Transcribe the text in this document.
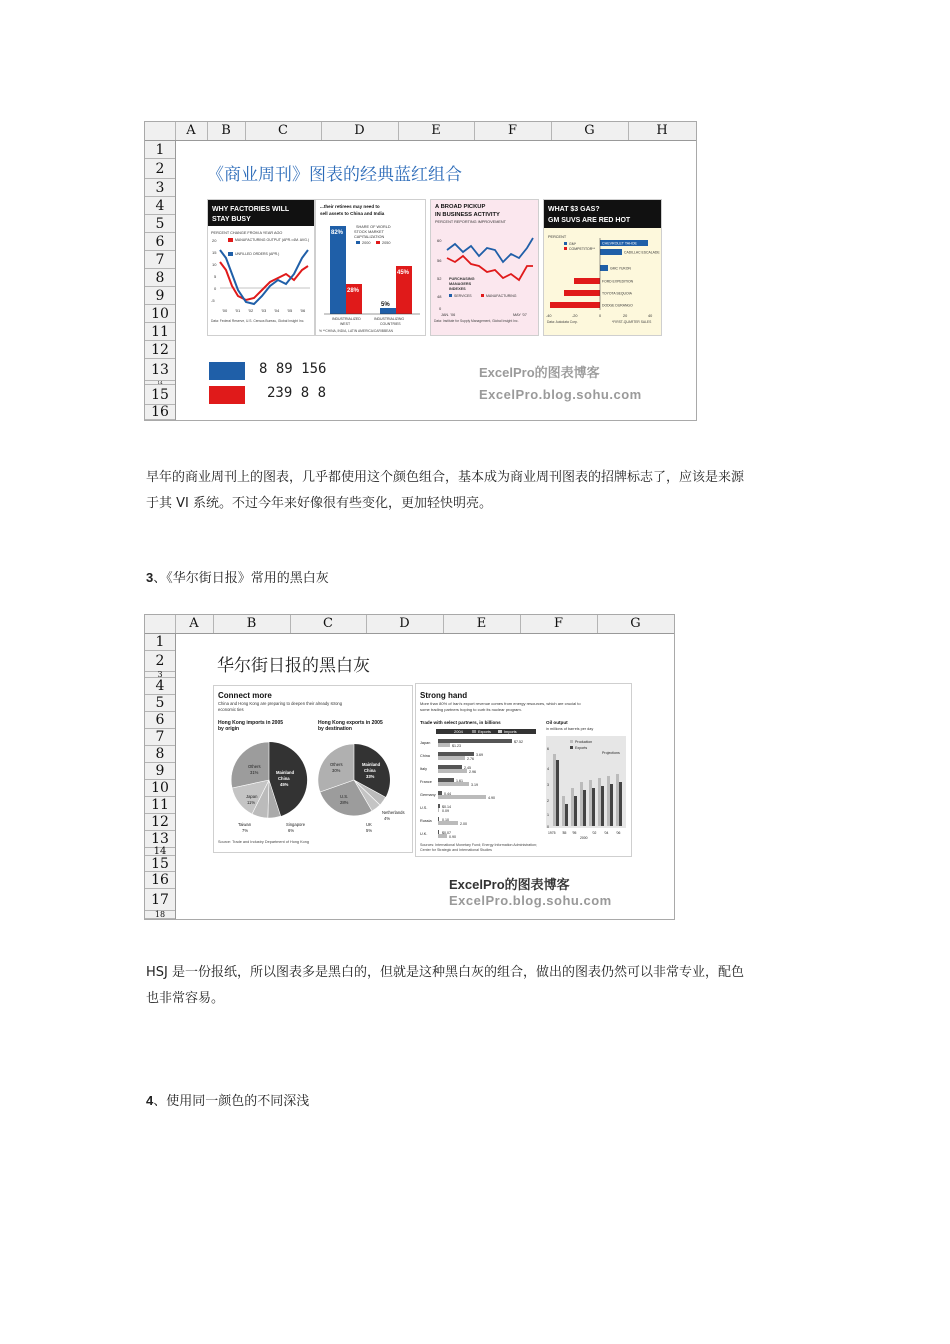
A	B	C	D	E	F	G	H
1
2
3
4
5
6
7
8
9
10
11
12
13
14
15
16
《商业周刊》图表的经典蓝红组合
WHY FACTORIES WILL
STAY BUSY
PERCENT CHANGE FROM A YEAR AGO
MANUFACTURING OUTPUT (APR.=4M. AVG.)
UNFILLED ORDERS (APR.)
20
15
10
5
0
-5
'00 '01 '02 '03 '04 '05 '06
Data: Federal Reserve, U.S. Census Bureau, Global Insight Inc.
...their retirees may need to
sell assets to China and India
SHARE OF WORLD
STOCK MARKET
CAPITALIZATION
2000	2050
82%
28%
5%
45%
INDUSTRIALIZED
WEST
INDUSTRIALIZING
COUNTRIES
% **CHINA, INDIA, LATIN AMERICA/CARIBBEAN
A BROAD PICKUP
IN BUSINESS ACTIVITY
PERCENT REPORTING IMPROVEMENT
60
56
52
48
0
PURCHASING
MANAGERS
INDEXES
SERVICES	MANUFACTURING
JAN. '06	MAY '07
Data: Institute for Supply Management, Global Insight Inc.
WHAT $3 GAS?
GM SUVS ARE RED HOT
PERCENT
GM*
COMPETITOR**
CHEVROLET TAHOE
CADILLAC ESCALADE
GMC YUKON
FORD EXPEDITION
TOYOTA SEQUOIA
DODGE DURANGO
-40	-20	0	20	40
Data: Autodata Corp.	*FIRST-QUARTER SALES
8 89 156
239 8 8
ExcelPro的图表博客
ExcelPro.blog.sohu.com
早年的商业周刊上的图表，几乎都使用这个颜色组合，基本成为商业周刊图表的招牌标志了，应该是来源
于其 VI 系统。不过今年来好像很有些变化，更加轻快明亮。
3、《华尔街日报》常用的黑白灰
A	B	C	D	E	F	G
1
2
3
4
5
6
7
8
9
10
11
12
13
14
15
16
17
18
华尔街日报的黑白灰
Connect more
China and Hong Kong are preparing to deepen their already strong
economic ties
Hong Kong imports in 2005
by origin
Hong Kong exports in 2005
by destination
Mainland
China
45%
Others
31%
Japan
11%
Taiwan
7%
Singapore
6%
Mainland
China
33%
Others
30%
U.S.
28%
UK
5%
Netherlands
4%
Source: Trade and Industry Department of Hong Kong
Strong hand
More than 80% of Iran's export revenue comes from energy resources, which are crucial to
some trading partners hoping to curb its nuclear program.
Trade with select partners, in billions
2004	Exports	Imports
Japan
China
Italy
France
Germany
U.S.
Russia
U.K.
$7.52
$1.23
3.69
2.76
2.45
2.96
1.61
3.19
0.44
4.90
$0.14
0.09
0.10
2.00
$0.07
0.90
Oil output
in millions of barrels per day
Production
Exports
Projections
6
4
3
2
1
0
1975 '85 '95
2000
'02 '04 '06
Sources: International Monetary Fund; Energy Information Administration;
Center for Strategic and International Studies
ExcelPro的图表博客
ExcelPro.blog.sohu.com
HSJ 是一份报纸，所以图表多是黑白的，但就是这种黑白灰的组合，做出的图表仍然可以非常专业，配色
也非常容易。
4、使用同一颜色的不同深浅
